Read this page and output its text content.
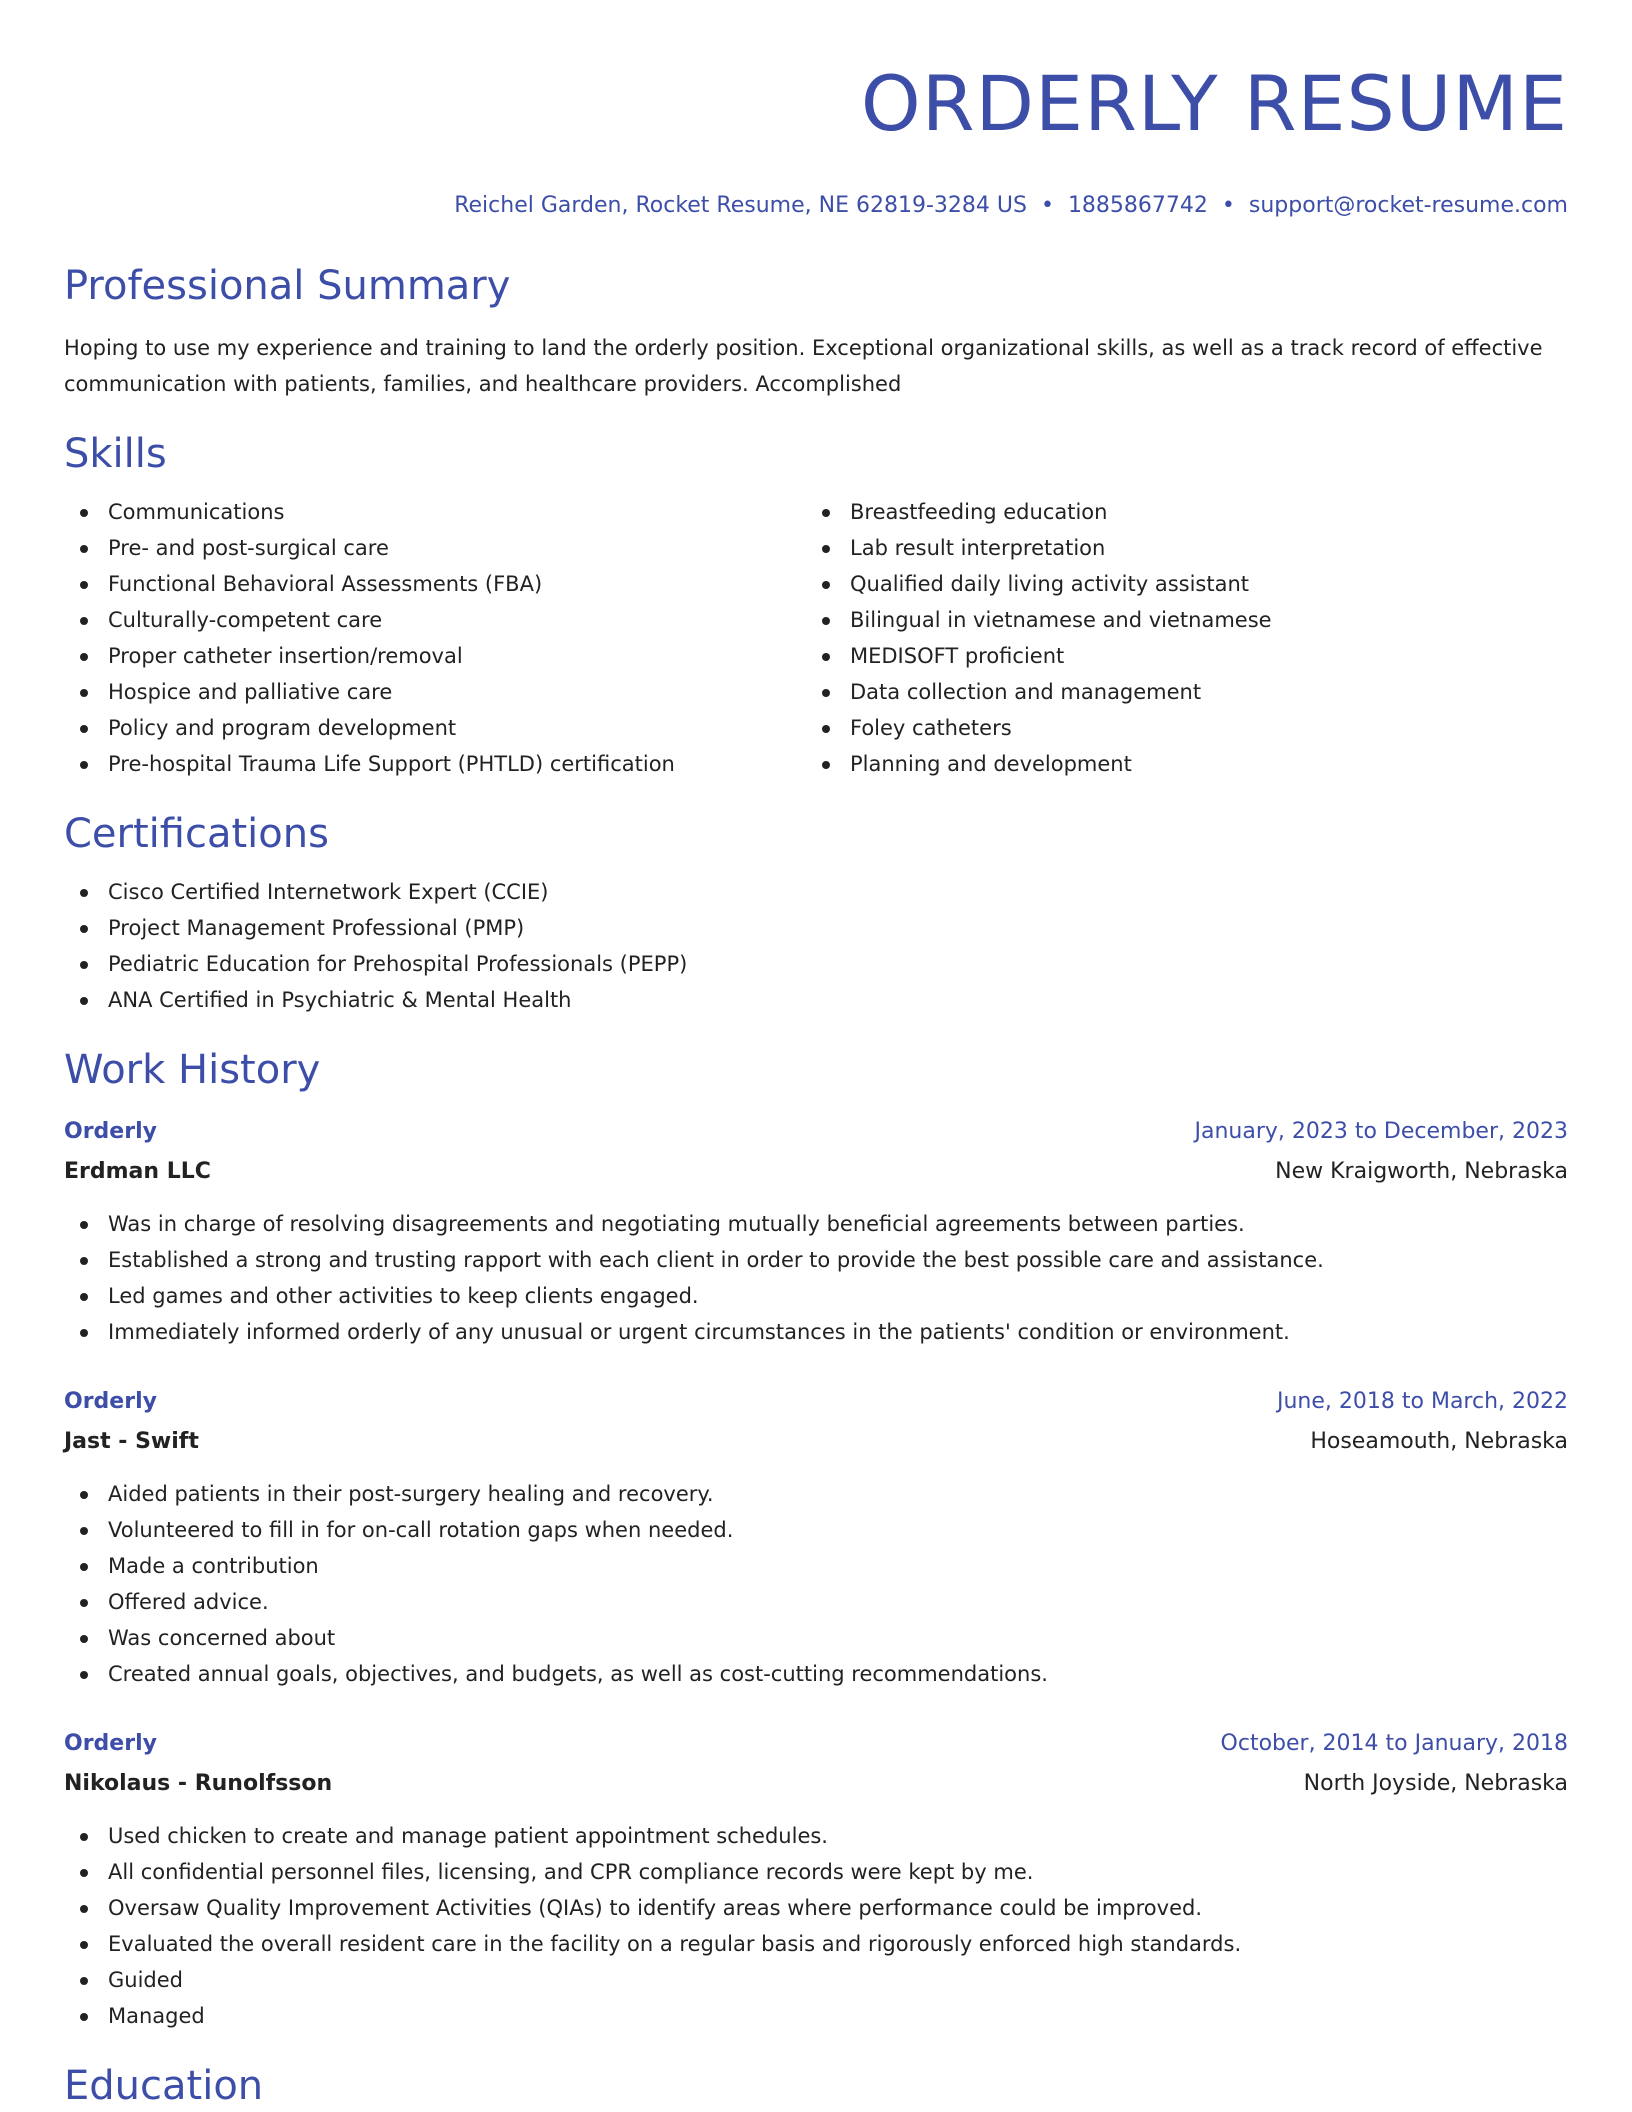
ORDERLY RESUME
Reichel Garden, Rocket Resume, NE 62819-3284 US • 1885867742 • support@rocket-resume.com
Professional Summary

Hoping to use my experience and training to land the orderly position. Exceptional organizational skills, as well as a track record of effective communication with patients, families, and healthcare providers. Accomplished

Skills
Communications
Pre- and post-surgical care
Functional Behavioral Assessments (FBA)
Culturally-competent care
Proper catheter insertion/removal
Hospice and palliative care
Policy and program development
Pre-hospital Trauma Life Support (PHTLD) certification
Breastfeeding education
Lab result interpretation
Qualified daily living activity assistant
Bilingual in vietnamese and vietnamese
MEDISOFT proficient
Data collection and management
Foley catheters
Planning and development
Certifications
Cisco Certified Internetwork Expert (CCIE)
Project Management Professional (PMP)
Pediatric Education for Prehospital Professionals (PEPP)
ANA Certified in Psychiatric & Mental Health
Work History
Orderly	January, 2023 to December, 2023
Erdman LLC	New Kraigworth, Nebraska
Was in charge of resolving disagreements and negotiating mutually beneficial agreements between parties.
Established a strong and trusting rapport with each client in order to provide the best possible care and assistance.
Led games and other activities to keep clients engaged.
Immediately informed orderly of any unusual or urgent circumstances in the patients' condition or environment.
Orderly	June, 2018 to March, 2022
Jast - Swift	Hoseamouth, Nebraska
Aided patients in their post-surgery healing and recovery.
Volunteered to fill in for on-call rotation gaps when needed.
Made a contribution
Offered advice.
Was concerned about
Created annual goals, objectives, and budgets, as well as cost-cutting recommendations.
Orderly	October, 2014 to January, 2018
Nikolaus - Runolfsson	North Joyside, Nebraska
Used chicken to create and manage patient appointment schedules.
All confidential personnel files, licensing, and CPR compliance records were kept by me.
Oversaw Quality Improvement Activities (QIAs) to identify areas where performance could be improved.
Evaluated the overall resident care in the facility on a regular basis and rigorously enforced high standards.
Guided
Managed
Education
